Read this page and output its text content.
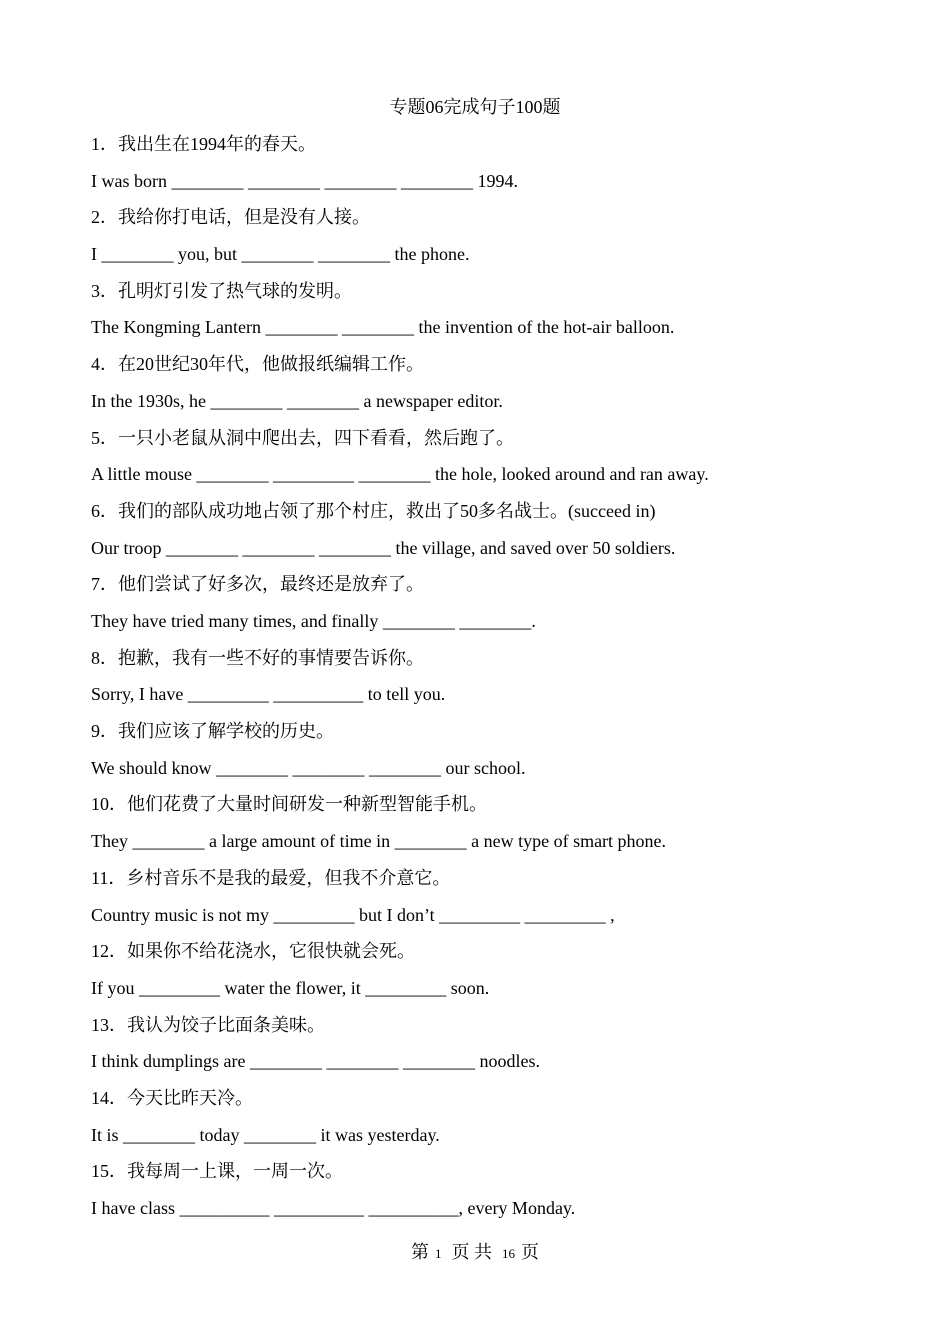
专题06完成句子100题
1．我出生在1994年的春天。
I was born ________ ________ ________ ________ 1994.
2．我给你打电话，但是没有人接。
I ________ you, but ________ ________ the phone.
3．孔明灯引发了热气球的发明。
The Kongming Lantern ________ ________ the invention of the hot-air balloon.
4．在20世纪30年代，他做报纸编辑工作。
In the 1930s, he ________ ________ a newspaper editor.
5．一只小老鼠从洞中爬出去，四下看看，然后跑了。
A little mouse ________ _________ ________ the hole, looked around and ran away.
6．我们的部队成功地占领了那个村庄，救出了50多名战士。(succeed in)
Our troop ________ ________ ________ the village, and saved over 50 soldiers.
7．他们尝试了好多次，最终还是放弃了。
They have tried many times, and finally ________ ________.
8．抱歉，我有一些不好的事情要告诉你。
Sorry, I have _________ __________ to tell you.
9．我们应该了解学校的历史。
We should know ________ ________ ________ our school.
10．他们花费了大量时间研发一种新型智能手机。
They ________ a large amount of time in ________ a new type of smart phone.
11．乡村音乐不是我的最爱，但我不介意它。
Country music is not my _________ but I don’t _________ _________ ,
12．如果你不给花浇水，它很快就会死。
If you _________ water the flower, it _________ soon.
13．我认为饺子比面条美味。
I think dumplings are ________ ________ ________ noodles.
14．今天比昨天冷。
It is ________ today ________ it was yesterday.
15．我每周一上课，一周一次。
I have class __________ __________ __________, every Monday.
第 1 页 共 16 页
